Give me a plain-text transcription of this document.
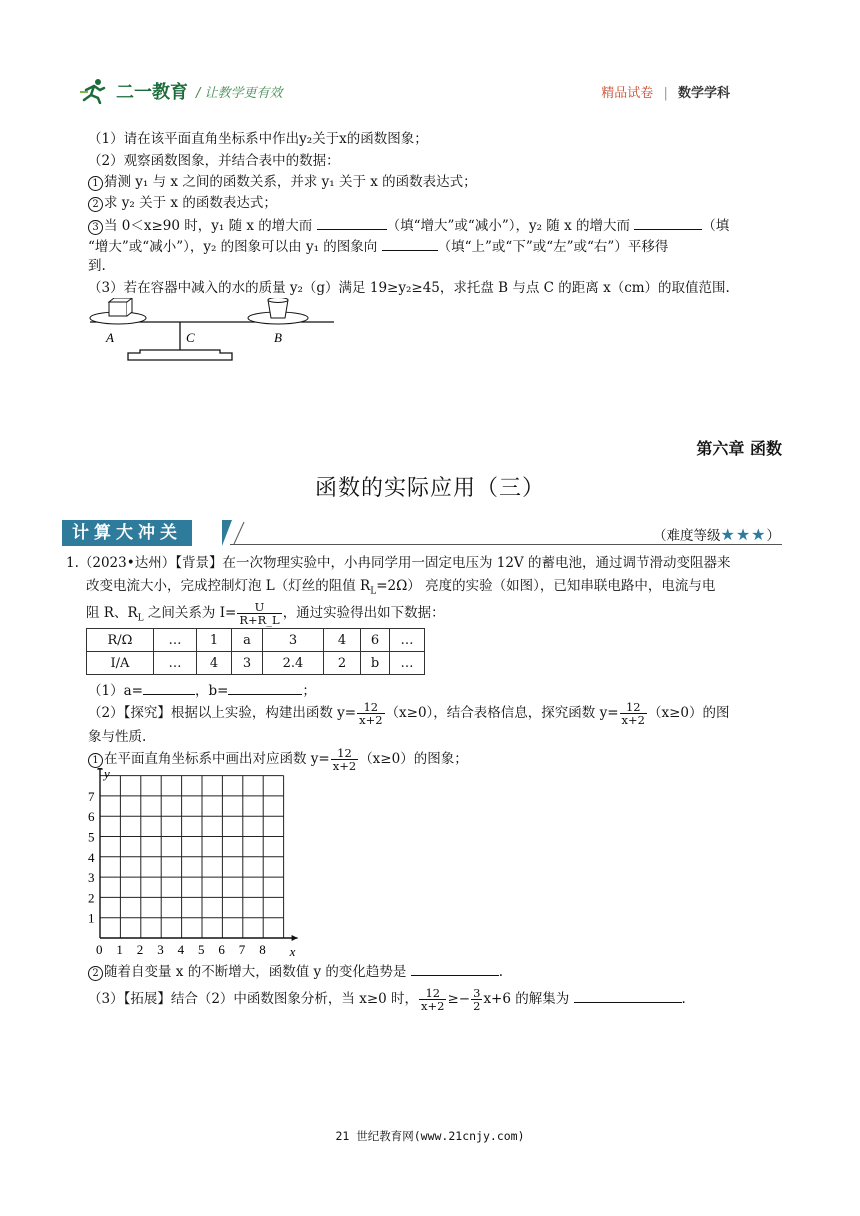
二一教育 / 让教学更有效	精品试卷 | 数学学科
（1）请在该平面直角坐标系中作出y₂关于x的函数图象；
（2）观察函数图象，并结合表中的数据：
1 猜测 y₁ 与 x 之间的函数关系，并求 y₁ 关于 x 的函数表达式；
2 求 y₂ 关于 x 的函数表达式；
3 当 0＜x≥90 时，y₁ 随 x 的增大而	（填“增大”或“减小”），y₂ 随 x 的增大而	（填
“增大”或“减小”），y₂ 的图象可以由 y₁ 的图象向	（填“上”或“下”或“左”或“右”）平移得
到.
（3）若在容器中减入的水的质量 y₂（g）满足 19≥y₂≥45，求托盘 B 与点 C 的距离 x（cm）的取值范围.
A	C	B
第六章 函数
函数的实际应用（三）
计算大冲关	（难度等级★★★）
1.（2023•达州）【背景】在一次物理实验中，小冉同学用一固定电压为 12V 的蓄电池，通过调节滑动变阻器来
改变电流大小，完成控制灯泡 L（灯丝的阻值 $R_L=2\Omega$） 亮度的实验（如图），已知串联电路中，电流与电
阻 R、$R_L$ 之间关系为 $I= \frac{U}{R+R\_L}$ ，通过实验得出如下数据：
R/Ω	…	1	a	3	4	6	…
I/A	…	4	3	2.4	2	b	…
（1）a=	，b=	；
（2）【探究】根据以上实验，构建出函数 $y= \frac{12}{x+2} (x\ge 0)$，结合表格信息，探究函数 $y= \frac{12}{x+2} (x\ge 0)$的图
象与性质.
1 在平面直角坐标系中画出对应函数 $y= \frac{12}{x+2} (x\ge 0)$的图象；
0 1 2 3 4 5 6 7 8
1
2
3
4
5
6
7
x
y
2 随着自变量 x 的不断增大，函数值 y 的变化趋势是	.
（3）【拓展】结合（2）中函数图象分析，当 x≥0 时， $\frac{12}{x+2} \ge- \frac{3}{2} x+6$ 的解集为	.
21 世纪教育网(www.21cnjy.com)
